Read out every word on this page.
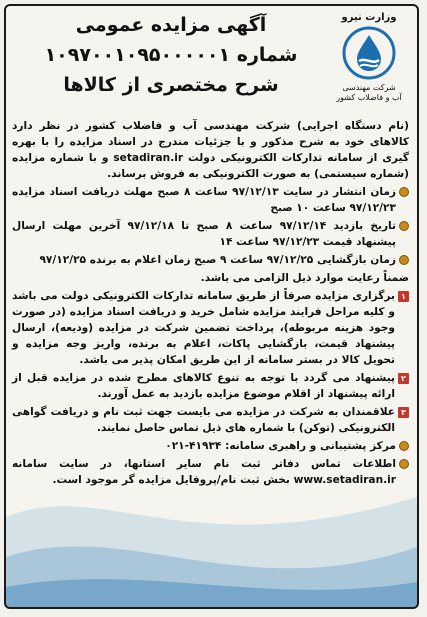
آگهی مزایده عمومی
شماره ۱۰۹۷۰۰۱۰۹۵۰۰۰۰۰۱
شرح مختصری از کالاها
وزارت نیرو
شرکت مهندسی
آب و فاضلاب کشور

(نام دستگاه اجرایی) شرکت مهندسی آب و فاضلاب کشور در نظر دارد کالاهای خود به شرح مذکور و با جزئیات مندرج در اسناد مزایده را با بهره گیری از سامانه تدارکات الکترونیکی دولت setadiran.ir و با شماره مزایده (شماره سیستمی) به صورت الکترونیکی به فروش برساند.

زمان انتشار در سایت ۹۷/۱۲/۱۳ ساعت ۸ صبح مهلت دریافت اسناد مزایده ۹۷/۱۲/۲۳ ساعت ۱۰ صبح
تاریخ بازدید ۹۷/۱۲/۱۴ ساعت ۸ صبح تا ۹۷/۱۲/۱۸ آخرین مهلت ارسال پیشنهاد قیمت ۹۷/۱۲/۲۳ ساعت ۱۴
زمان بازگشایی ۹۷/۱۲/۲۵ ساعت ۹ صبح زمان اعلام به برنده ۹۷/۱۲/۲۵

ضمناً رعایت موارد ذیل الزامی می باشد.

۱
برگزاری مزایده صرفاً از طریق سامانه تدارکات الکترونیکی دولت می باشد و کلیه مراحل فرایند مزایده شامل خرید و دریافت اسناد مزایده (در صورت وجود هزینه مربوطه)، پرداخت تضمین شرکت در مزایده (ودیعه)، ارسال پیشنهاد قیمت، بازگشایی پاکات، اعلام به برنده، واریز وجه مزایده و تحویل کالا در بستر سامانه از این طریق امکان پذیر می باشد.
۲
پیشنهاد می گردد با توجه به تنوع کالاهای مطرح شده در مزایده قبل از ارائه پیشنهاد از اقلام موضوع مزایده بازدید به عمل آورند.
۳
علاقمندان به شرکت در مزایده می بایست جهت ثبت نام و دریافت گواهی الکترونیکی (توکن) با شماره های ذیل تماس حاصل نمایند.
مرکز پشتیبانی و راهبری سامانه: ۴۱۹۳۴-۰۲۱
اطلاعات تماس دفاتر ثبت نام سایر استانها، در سایت سامانه www.setadiran.ir بخش ثبت نام/پروفایل مزایده گر موجود است.
